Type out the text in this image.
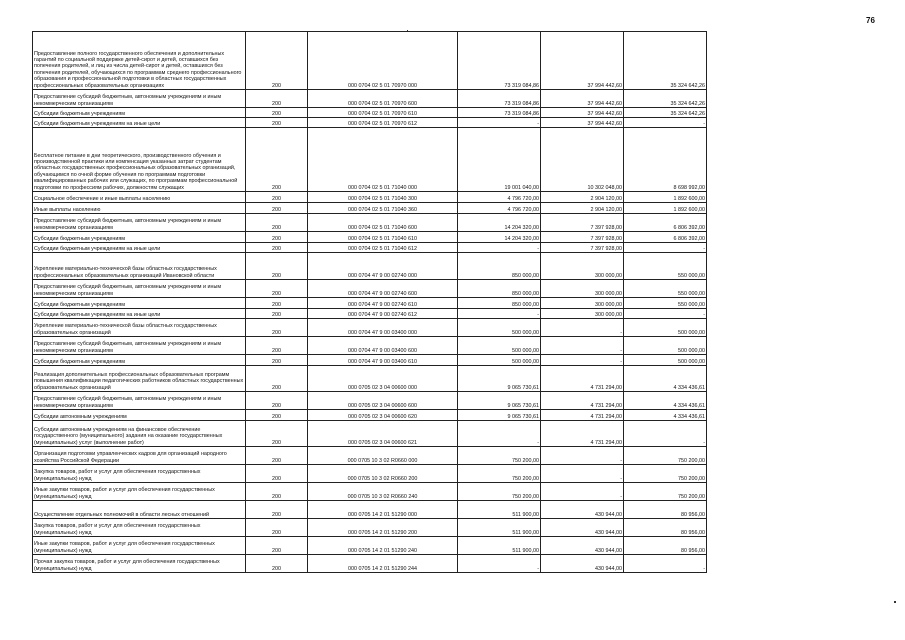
76
Предоставление полного государственного обеспечения и дополнительных гарантий по социальной поддержке детей-сирот и детей, оставшихся без попечения родителей, и лиц из числа детей-сирот и детей, оставшихся без попечения родителей, обучающихся по программам среднего профессионального образования и профессиональной подготовки в областных государственных профессиональных образовательных организациях	200	000 0704 02 5 01 70970 000	73 319 084,86	37 994 442,60	35 324 642,26
Предоставление субсидий бюджетным, автономным учреждениям и иным некоммерческим организациям	200	000 0704 02 5 01 70970 600	73 319 084,86	37 994 442,60	35 324 642,26
Субсидии бюджетным учреждениям	200	000 0704 02 5 01 70970 610	73 319 084,86	37 994 442,60	35 324 642,26
Субсидии бюджетным учреждениям на иные цели	200	000 0704 02 5 01 70970 612	-	37 994 442,60	-
Бесплатное питание в дни теоретического, производственного обучения и производственной практики или компенсация указанных затрат студентам областных государственных профессиональных образовательных организаций, обучающимся по очной форме обучения по программам подготовки квалифицированных рабочих или служащих, по программам профессиональной подготовки по профессиям рабочих, должностям служащих	200	000 0704 02 5 01 71040 000	19 001 040,00	10 302 048,00	8 698 992,00
Социальное обеспечение и иные выплаты населению	200	000 0704 02 5 01 71040 300	4 796 720,00	2 904 120,00	1 892 600,00
Иные выплаты населению	200	000 0704 02 5 01 71040 360	4 796 720,00	2 904 120,00	1 892 600,00
Предоставление субсидий бюджетным, автономным учреждениям и иным некоммерческим организациям	200	000 0704 02 5 01 71040 600	14 204 320,00	7 397 928,00	6 806 392,00
Субсидии бюджетным учреждениям	200	000 0704 02 5 01 71040 610	14 204 320,00	7 397 928,00	6 806 392,00
Субсидии бюджетным учреждениям на иные цели	200	000 0704 02 5 01 71040 612	-	7 397 928,00	-
Укрепление материально-технической базы областных государственных профессиональных образовательных организаций Ивановской области	200	000 0704 47 9 00 02740 000	850 000,00	300 000,00	550 000,00
Предоставление субсидий бюджетным, автономным учреждениям и иным некоммерческим организациям	200	000 0704 47 9 00 02740 600	850 000,00	300 000,00	550 000,00
Субсидии бюджетным учреждениям	200	000 0704 47 9 00 02740 610	850 000,00	300 000,00	550 000,00
Субсидии бюджетным учреждениям на иные цели	200	000 0704 47 9 00 02740 612	-	300 000,00	-
Укрепление материально-технической базы областных государственных образовательных организаций	200	000 0704 47 9 00 03400 000	500 000,00	-	500 000,00
Предоставление субсидий бюджетным, автономным учреждениям и иным некоммерческим организациям	200	000 0704 47 9 00 03400 600	500 000,00	-	500 000,00
Субсидии бюджетным учреждениям	200	000 0704 47 9 00 03400 610	500 000,00	-	500 000,00
Реализация дополнительных профессиональных образовательных программ повышения квалификации педагогических работников областных государственных образовательных организаций	200	000 0705 02 3 04 00600 000	9 065 730,61	4 731 294,00	4 334 436,61
Предоставление субсидий бюджетным, автономным учреждениям и иным некоммерческим организациям	200	000 0705 02 3 04 00600 600	9 065 730,61	4 731 294,00	4 334 436,61
Субсидии автономным учреждениям	200	000 0705 02 3 04 00600 620	9 065 730,61	4 731 294,00	4 334 436,61
Субсидии автономным учреждениям на финансовое обеспечение государственного (муниципального) задания на оказание государственных (муниципальных) услуг (выполнение работ)	200	000 0705 02 3 04 00600 621	-	4 731 294,00	-
Организация подготовки управленческих кадров для организаций народного хозяйства Российской Федерации	200	000 0705 10 3 02 R0660 000	750 200,00	-	750 200,00
Закупка товаров, работ и услуг для обеспечения государственных (муниципальных) нужд	200	000 0705 10 3 02 R0660 200	750 200,00	-	750 200,00
Иные закупки товаров, работ и услуг для обеспечения государственных (муниципальных) нужд	200	000 0705 10 3 02 R0660 240	750 200,00	-	750 200,00
Осуществление отдельных полномочий в области лесных отношений	200	000 0705 14 2 01 51290 000	511 900,00	430 944,00	80 956,00
Закупка товаров, работ и услуг для обеспечения государственных (муниципальных) нужд	200	000 0705 14 2 01 51290 200	511 900,00	430 944,00	80 956,00
Иные закупки товаров, работ и услуг для обеспечения государственных (муниципальных) нужд	200	000 0705 14 2 01 51290 240	511 900,00	430 944,00	80 956,00
Прочая закупка товаров, работ и услуг для обеспечения государственных (муниципальных) нужд	200	000 0705 14 2 01 51290 244	-	430 944,00	-
